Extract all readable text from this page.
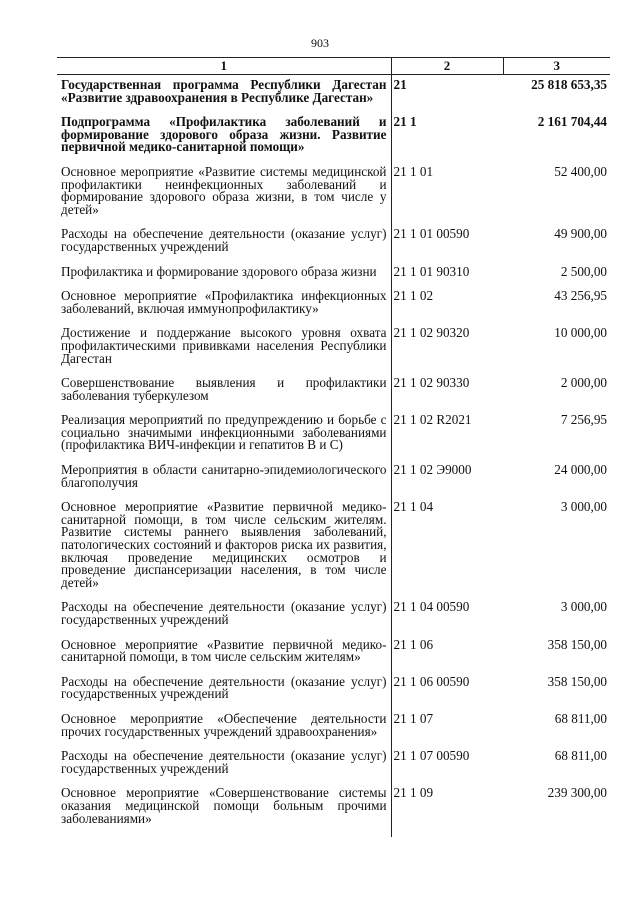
903
1	2	3
Государственная программа Республики Дагестан «Развитие здравоохранения в Республике Дагестан»	21	25 818 653,35
Подпрограмма «Профилактика заболеваний и формирование здорового образа жизни. Развитие первичной медико-санитарной помощи»	21 1	2 161 704,44
Основное мероприятие «Развитие системы медицинской профилактики неинфекционных заболеваний и формирование здорового образа жизни, в том числе у детей»	21 1 01	52 400,00
Расходы на обеспечение деятельности (оказание услуг) государственных учреждений	21 1 01 00590	49 900,00
Профилактика и формирование здорового образа жизни	21 1 01 90310	2 500,00
Основное мероприятие «Профилактика инфекционных заболеваний, включая иммунопрофилактику»	21 1 02	43 256,95
Достижение и поддержание высокого уровня охвата профилактическими прививками населения Республики Дагестан	21 1 02 90320	10 000,00
Совершенствование выявления и профилактики заболевания туберкулезом	21 1 02 90330	2 000,00
Реализация мероприятий по предупреждению и борьбе с социально значимыми инфекционными заболеваниями (профилактика ВИЧ-инфекции и гепатитов В и С)	21 1 02 R2021	7 256,95
Мероприятия в области санитарно-эпидемиологического благополучия	21 1 02 Э9000	24 000,00
Основное мероприятие «Развитие первичной медико-санитарной помощи, в том числе сельским жителям. Развитие системы раннего выявления заболеваний, патологических состояний и факторов риска их развития, включая проведение медицинских осмотров и проведение диспансеризации населения, в том числе детей»	21 1 04	3 000,00
Расходы на обеспечение деятельности (оказание услуг) государственных учреждений	21 1 04 00590	3 000,00
Основное мероприятие «Развитие первичной медико-санитарной помощи, в том числе сельским жителям»	21 1 06	358 150,00
Расходы на обеспечение деятельности (оказание услуг) государственных учреждений	21 1 06 00590	358 150,00
Основное мероприятие «Обеспечение деятельности прочих государственных учреждений здравоохранения»	21 1 07	68 811,00
Расходы на обеспечение деятельности (оказание услуг) государственных учреждений	21 1 07 00590	68 811,00
Основное мероприятие «Совершенствование системы оказания медицинской помощи больным прочими заболеваниями»	21 1 09	239 300,00
